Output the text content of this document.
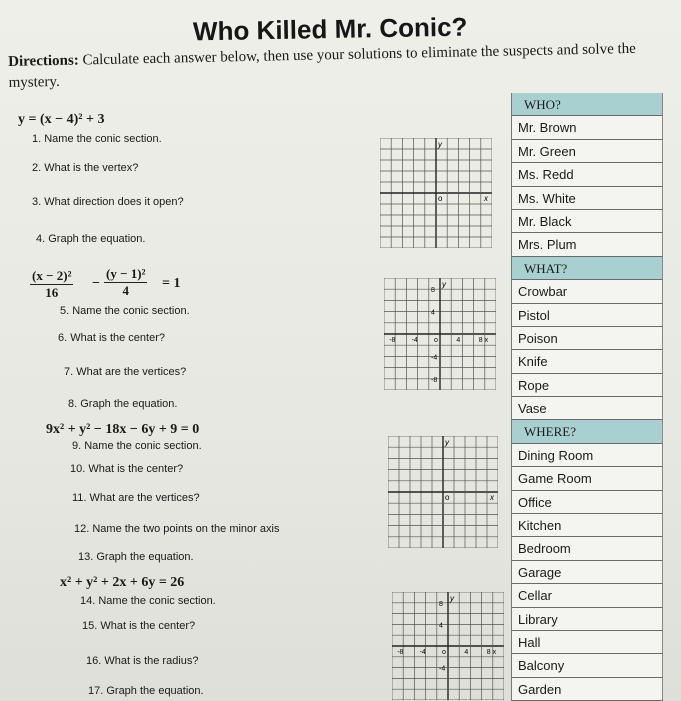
Who Killed Mr. Conic?
Directions: Calculate each answer below, then use your solutions to eliminate the suspects and solve the mystery.
y = (x − 4)² + 3
1. Name the conic section.
2. What is the vertex?
3. What direction does it open?
4. Graph the equation.
$\frac{\text{(x − 2)²}}{16} - \frac{\text{(y − 1)²}}{4} = 1$
5. Name the conic section.
6. What is the center?
7. What are the vertices?
8. Graph the equation.
9x² + y² − 18x − 6y + 9 = 0
9. Name the conic section.
10. What is the center?
11. What are the vertices?
12. Name the two points on the minor axis
13. Graph the equation.
x² + y² + 2x + 6y = 26
14. Name the conic section.
15. What is the center?
16. What is the radius?
17. Graph the equation.
y
o	x
y
-8 -4 o	4	8 x
8
4
-4
-8
y
o	x
y
-8 -4 o	4	8 x
8
4
-4
WHO?
Mr. Brown
Mr. Green
Ms. Redd
Ms. White
Mr. Black
Mrs. Plum
WHAT?
Crowbar
Pistol
Poison
Knife
Rope
Vase
WHERE?
Dining Room
Game Room
Office
Kitchen
Bedroom
Garage
Cellar
Library
Hall
Balcony
Garden
